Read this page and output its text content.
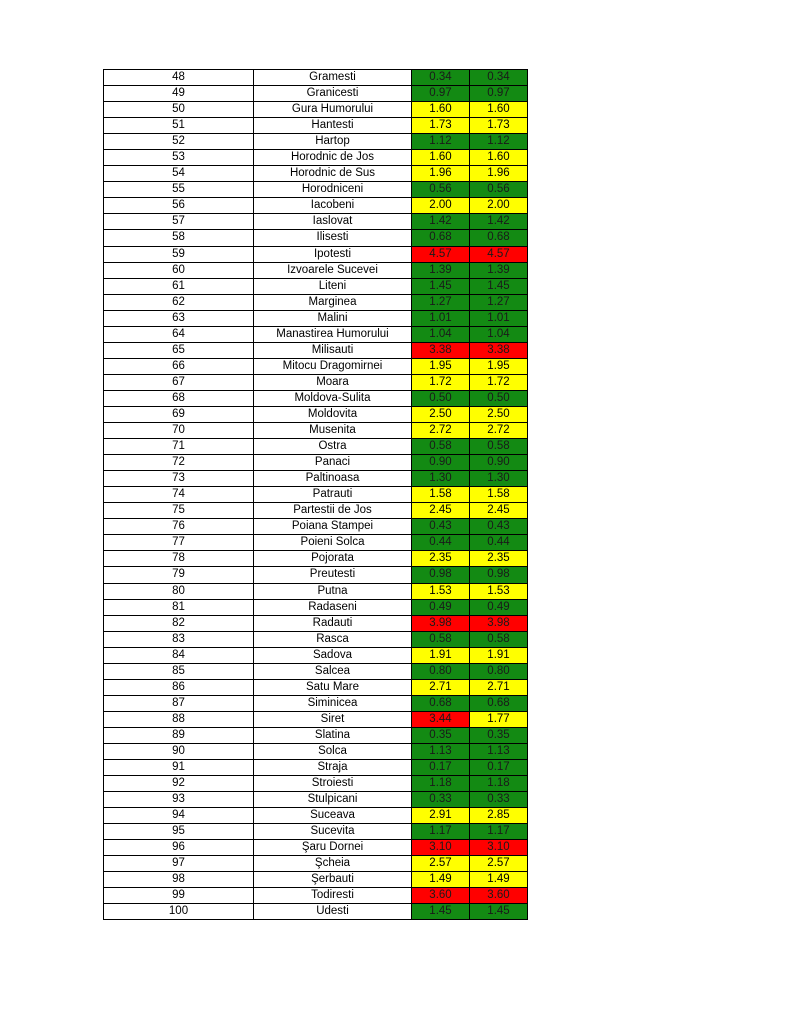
48	Gramesti	0.34	0.34
49	Granicesti	0.97	0.97
50	Gura Humorului	1.60	1.60
51	Hantesti	1.73	1.73
52	Hartop	1.12	1.12
53	Horodnic de Jos	1.60	1.60
54	Horodnic de Sus	1.96	1.96
55	Horodniceni	0.56	0.56
56	Iacobeni	2.00	2.00
57	Iaslovat	1.42	1.42
58	Ilisesti	0.68	0.68
59	Ipotesti	4.57	4.57
60	Izvoarele Sucevei	1.39	1.39
61	Liteni	1.45	1.45
62	Marginea	1.27	1.27
63	Malini	1.01	1.01
64	Manastirea Humorului	1.04	1.04
65	Milisauti	3.38	3.38
66	Mitocu Dragomirnei	1.95	1.95
67	Moara	1.72	1.72
68	Moldova-Sulita	0.50	0.50
69	Moldovita	2.50	2.50
70	Musenita	2.72	2.72
71	Ostra	0.58	0.58
72	Panaci	0.90	0.90
73	Paltinoasa	1.30	1.30
74	Patrauti	1.58	1.58
75	Partestii de Jos	2.45	2.45
76	Poiana Stampei	0.43	0.43
77	Poieni Solca	0.44	0.44
78	Pojorata	2.35	2.35
79	Preutesti	0.98	0.98
80	Putna	1.53	1.53
81	Radaseni	0.49	0.49
82	Radauti	3.98	3.98
83	Rasca	0.58	0.58
84	Sadova	1.91	1.91
85	Salcea	0.80	0.80
86	Satu Mare	2.71	2.71
87	Siminicea	0.68	0.68
88	Siret	3.44	1.77
89	Slatina	0.35	0.35
90	Solca	1.13	1.13
91	Straja	0.17	0.17
92	Stroiesti	1.18	1.18
93	Stulpicani	0.33	0.33
94	Suceava	2.91	2.85
95	Sucevita	1.17	1.17
96	Şaru Dornei	3.10	3.10
97	Şcheia	2.57	2.57
98	Şerbauti	1.49	1.49
99	Todiresti	3.60	3.60
100	Udesti	1.45	1.45
